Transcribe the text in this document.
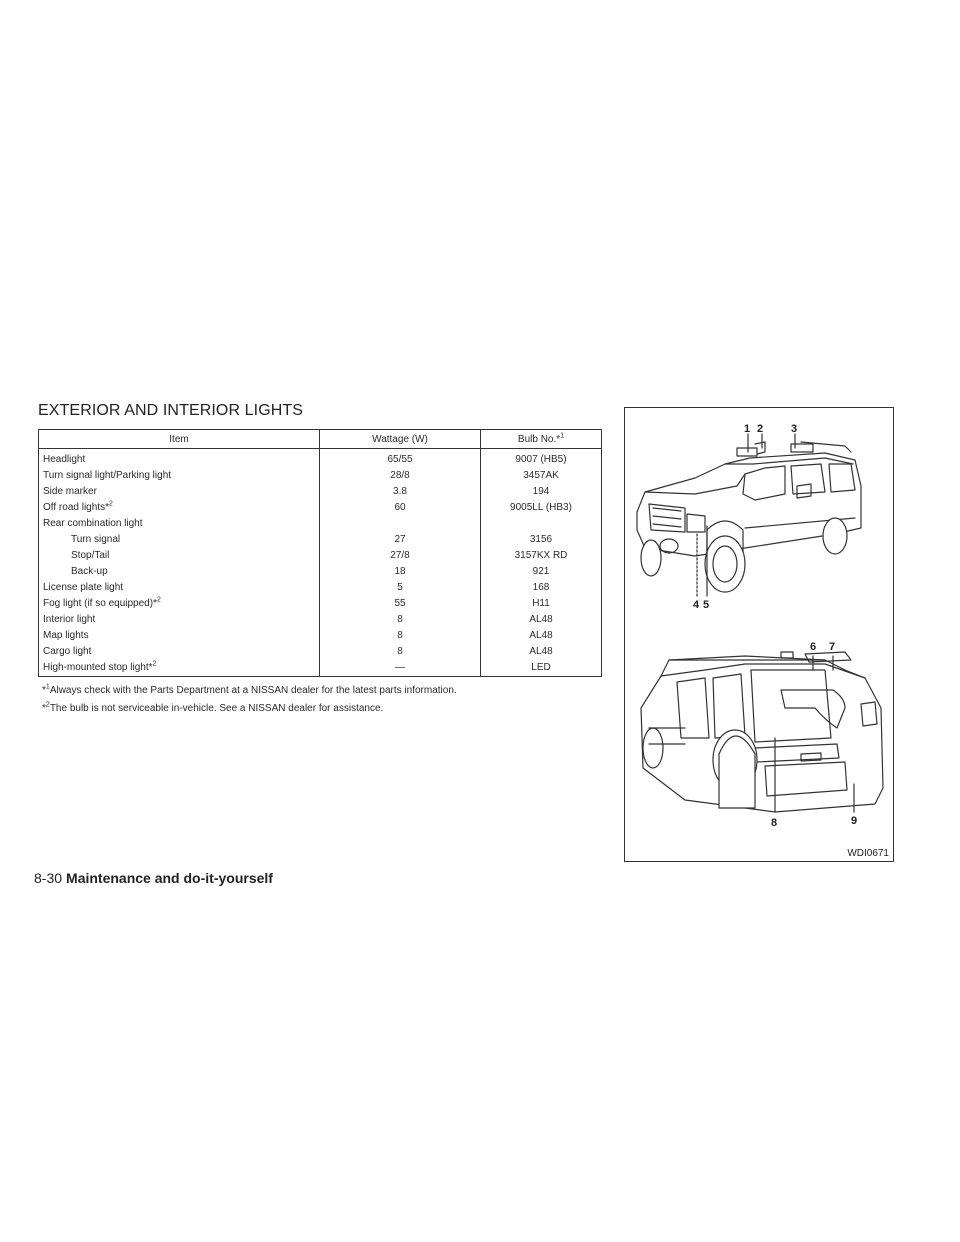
EXTERIOR AND INTERIOR LIGHTS
Item	Wattage (W)	Bulb No.*$^1$
Headlight	65/55	9007 (HB5)
Turn signal light/Parking light	28/8	3457AK
Side marker	3.8	194
Off road lights*$^2$	60	9005LL (HB3)
Rear combination light		
Turn signal	27	3156
Stop/Tail	27/8	3157KX RD
Back-up	18	921
License plate light	5	168
Fog light (if so equipped)*$^2$	55	H11
Interior light	8	AL48
Map lights	8	AL48
Cargo light	8	AL48
High-mounted stop light*$^2$	—	LED

*$^1$Always check with the Parts Department at a NISSAN dealer for the latest parts information.

*$^2$The bulb is not serviceable in-vehicle. See a NISSAN dealer for assistance.

1 2	3
4 5
6 7
8	9
WDI0671
8-30 Maintenance and do-it-yourself
